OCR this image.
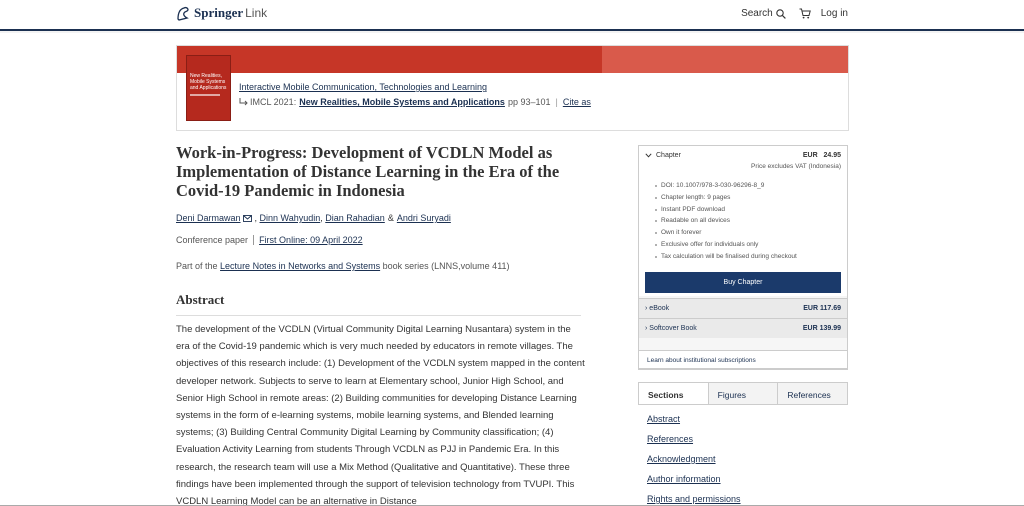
Springer Link	Search	Log in
New Realities, Mobile Systems and Applications Interactive Mobile Communication, Technologies and Learning
IMCL 2021: New Realities, Mobile Systems and Applications pp 93–101 | Cite as
Work-in-Progress: Development of VCDLN Model as Implementation of Distance Learning in the Era of the Covid-19 Pandemic in Indonesia
Deni Darmawan , Dinn Wahyudin , Dian Rahadian & Andri Suryadi
Conference paper	First Online: 09 April 2022
Part of the Lecture Notes in Networks and Systems book series (LNNS,volume 411)
Abstract

The development of the VCDLN (Virtual Community Digital Learning Nusantara) system in the era of the Covid-19 pandemic which is very much needed by educators in remote villages. The objectives of this research include: (1) Development of the VCDLN system mapped in the content developer network. Subjects to serve to learn at Elementary school, Junior High School, and Senior High School in remote areas: (2) Building communities for developing Distance Learning systems in the form of e-learning systems, mobile learning systems, and Blended learning systems; (3) Building Central Community Digital Learning by Community classification; (4) Evaluation Activity Learning from students Through VCDLN as PJJ in Pandemic Era. In this research, the research team will use a Mix Method (Qualitative and Quantitative). These three findings have been implemented through the support of television technology from TVUPI. This VCDLN Learning Model can be an alternative in Distance

Chapter	EUR 24.95
Price excludes VAT (Indonesia)
DOI: 10.1007/978-3-030-96296-8_9
Chapter length: 9 pages
Instant PDF download
Readable on all devices
Own it forever
Exclusive offer for individuals only
Tax calculation will be finalised during checkout
Buy Chapter
› eBook	EUR 117.69
› Softcover Book	EUR 139.99
Learn about institutional subscriptions
Sections	Figures	References
Abstract
References
Acknowledgment
Author information
Rights and permissions
